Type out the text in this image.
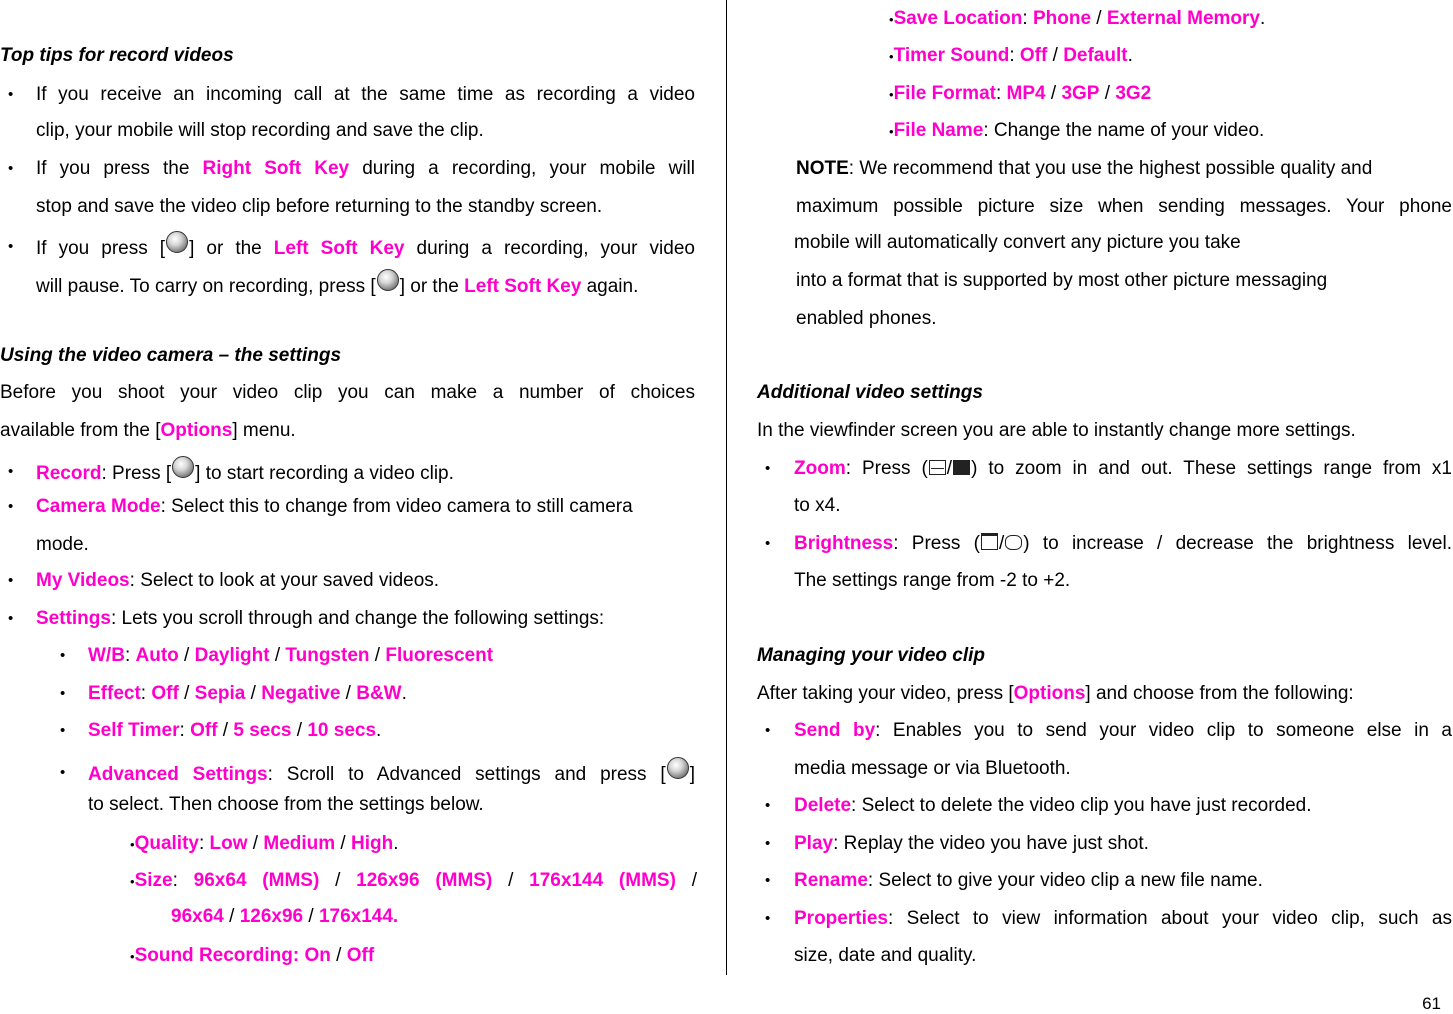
Top tips for record videos
• If you receive an incoming call at the same time as recording a video
clip, your mobile will stop recording and save the clip.
• If you press the Right Soft Key during a recording, your mobile will
stop and save the video clip before returning to the standby screen.
• If you press [ ] or the Left Soft Key during a recording, your video
will pause. To carry on recording, press [ ] or the Left Soft Key again.
Using the video camera – the settings
Before you shoot your video clip you can make a number of choices
available from the [Options] menu.
• Record: Press [ ] to start recording a video clip.
• Camera Mode: Select this to change from video camera to still camera
mode.
• My Videos: Select to look at your saved videos.
• Settings: Lets you scroll through and change the following settings:
• W/B: Auto / Daylight / Tungsten / Fluorescent
• Effect: Off / Sepia / Negative / B&W.
• Self Timer: Off / 5 secs / 10 secs.
• Advanced Settings: Scroll to Advanced settings and press [ ]
to select. Then choose from the settings below.
•Quality: Low / Medium / High.
•Size: 96x64 (MMS) / 126x96 (MMS) / 176x144 (MMS) /
96x64 / 126x96 / 176x144.
•Sound Recording: On / Off
•Save Location: Phone / External Memory.
•Timer Sound: Off / Default.
•File Format: MP4 / 3GP / 3G2
•File Name: Change the name of your video.
NOTE: We recommend that you use the highest possible quality and
maximum possible picture size when sending messages. Your phone
mobile will automatically convert any picture you take
into a format that is supported by most other picture messaging
enabled phones.
Additional video settings
In the viewfinder screen you are able to instantly change more settings.
• Zoom: Press ( / ) to zoom in and out. These settings range from x1
to x4.
• Brightness: Press ( / ) to increase / decrease the brightness level.
The settings range from -2 to +2.
Managing your video clip
After taking your video, press [Options] and choose from the following:
• Send by: Enables you to send your video clip to someone else in a
media message or via Bluetooth.
• Delete: Select to delete the video clip you have just recorded.
• Play: Replay the video you have just shot.
• Rename: Select to give your video clip a new file name.
• Properties: Select to view information about your video clip, such as
size, date and quality.
61
